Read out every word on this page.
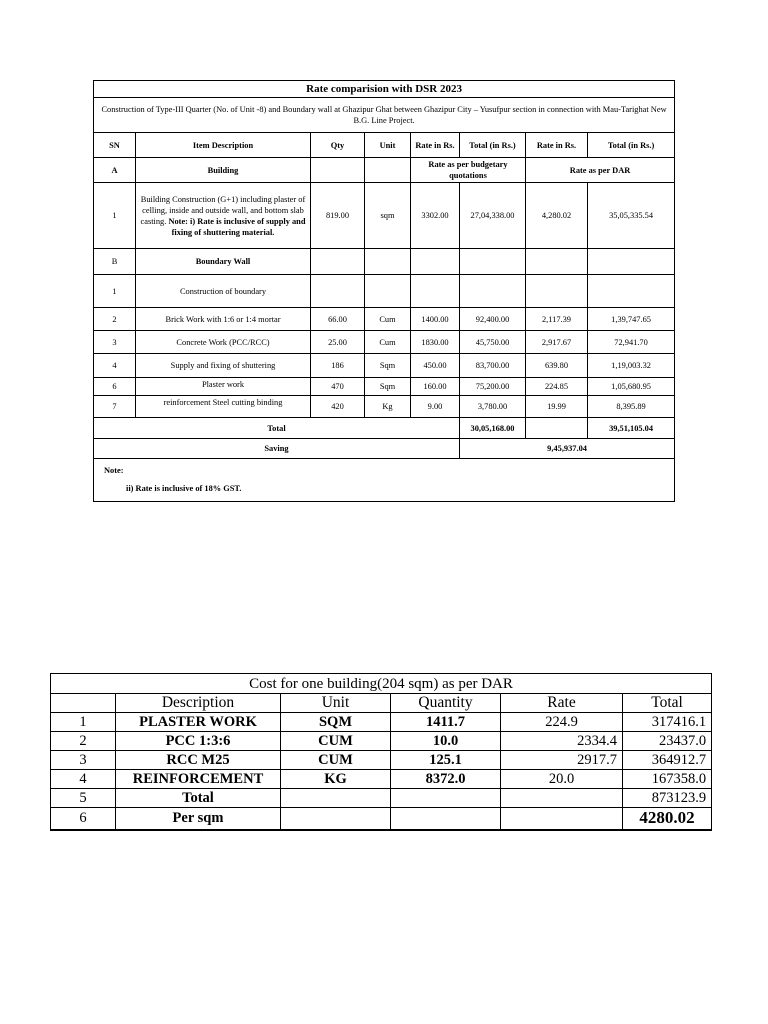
Rate comparision with DSR 2023							
Construction of Type-III Quarter (No. of Unit -8) and Boundary wall at Ghazipur Ghat between Ghazipur City – Yusufpur section in connection with Mau-Tarighat New B.G. Line Project.							
SN	Item Description	Qty	Unit	Rate in Rs.	Total (in Rs.)	Rate in Rs.	Total (in Rs.)
A	Building			Rate as per budgetary quotations		Rate as per DAR	
1	Building Construction (G+1) including plaster of celling, inside and outside wall, and bottom slab casting. Note: i) Rate is inclusive of supply and fixing of shuttering material.	819.00	sqm	3302.00	27,04,338.00	4,280.02	35,05,335.54
B	Boundary Wall						
1	Construction of boundary						
2	Brick Work with 1:6 or 1:4 mortar	66.00	Cum	1400.00	92,400.00	2,117.39	1,39,747.65
3	Concrete Work (PCC/RCC)	25.00	Cum	1830.00	45,750.00	2,917.67	72,941.70
4	Supply and fixing of shuttering	186	Sqm	450.00	83,700.00	639.80	1,19,003.32
6	Plaster work	470	Sqm	160.00	75,200.00	224.85	1,05,680.95
7	reinforcement Steel cutting binding	420	Kg	9.00	3,780.00	19.99	8,395.89
Total					30,05,168.00		39,51,105.04
Saving					9,45,937.04		

Note:
ii) Rate is inclusive of 18% GST.							
Cost for one building(204 sqm) as per DAR					
	Description	Unit	Quantity	Rate	Total
1	PLASTER WORK	SQM	1411.7	224.9	317416.1
2	PCC 1:3:6	CUM	10.0	2334.4	23437.0
3	RCC M25	CUM	125.1	2917.7	364912.7
4	REINFORCEMENT	KG	8372.0	20.0	167358.0
5	Total				873123.9
6	Per sqm				4280.02
